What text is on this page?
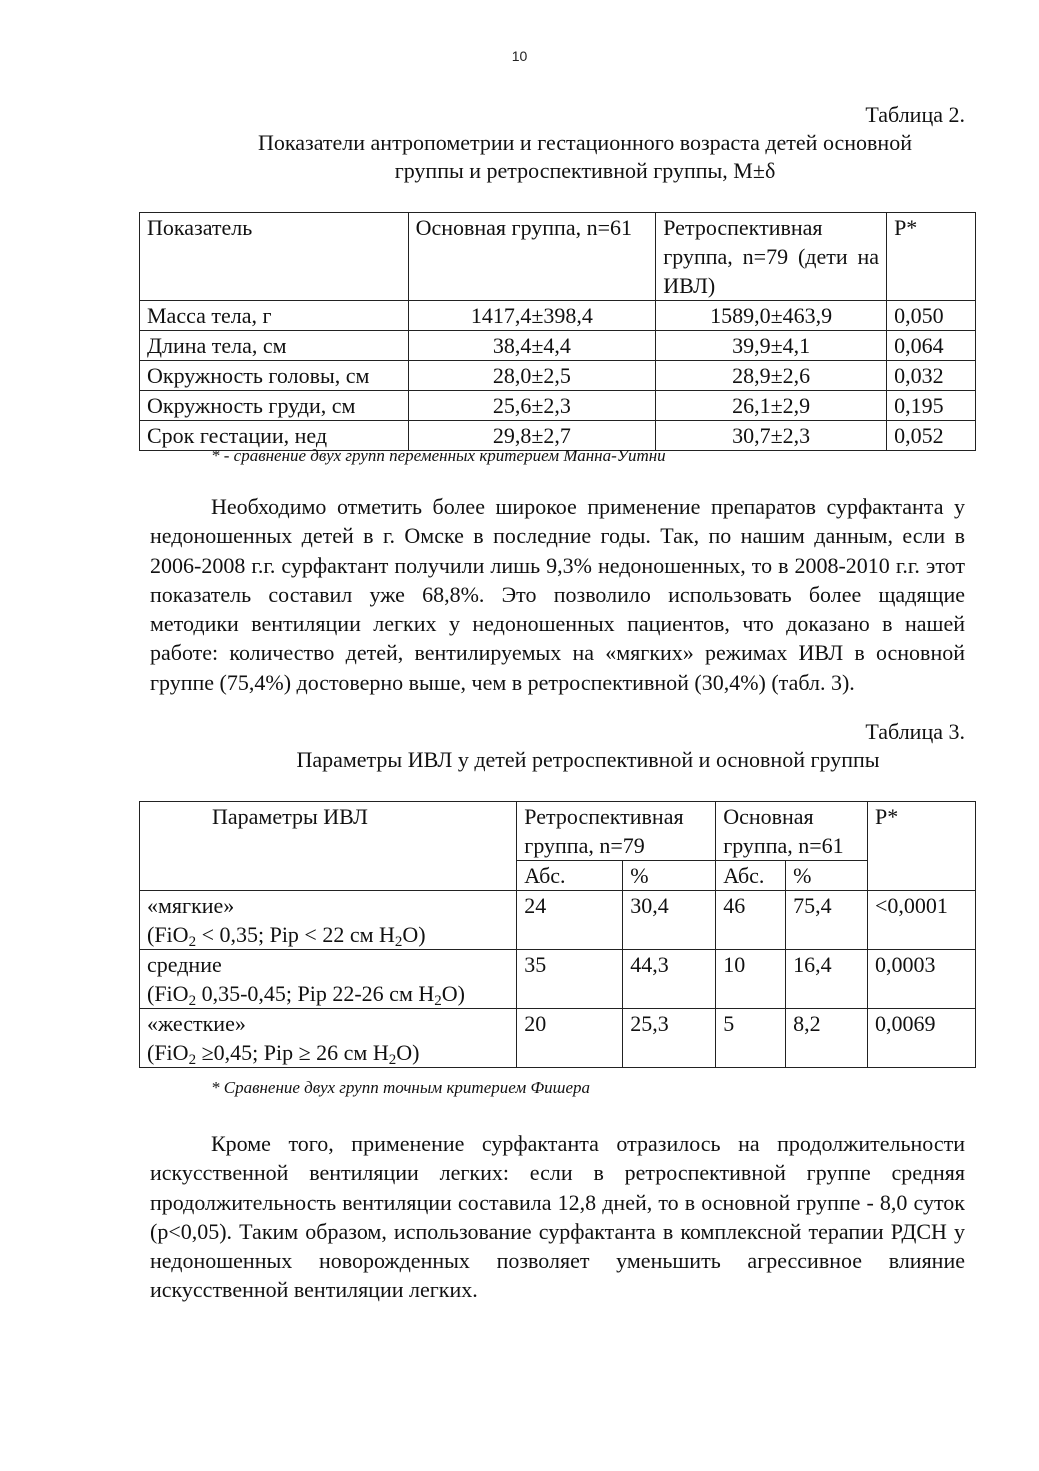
10
Таблица 2.
Показатели антропометрии и гестационного возраста детей основной
группы и ретроспективной группы, М±δ
Показатель	Основная группа, n=61	Ретроспективная группа, n=79 (дети на ИВЛ)	P*
Масса тела, г	1417,4±398,4	1589,0±463,9	0,050
Длина тела, см	38,4±4,4	39,9±4,1	0,064
Окружность головы, см	28,0±2,5	28,9±2,6	0,032
Окружность груди, см	25,6±2,3	26,1±2,9	0,195
Срок гестации, нед	29,8±2,7	30,7±2,3	0,052
* - сравнение двух групп переменных критерием Манна-Уитни

Необходимо отметить более широкое применение препаратов сурфактанта у недоношенных детей в г. Омске в последние годы. Так, по нашим данным, если в 2006-2008 г.г. сурфактант получили лишь 9,3% недоношенных, то в 2008-2010 г.г. этот показатель составил уже 68,8%. Это позволило использовать более щадящие методики вентиляции легких у недоношенных пациентов, что доказано в нашей работе: количество детей, вентилируемых на «мягких» режимах ИВЛ в основной группе (75,4%) достоверно выше, чем в ретроспективной (30,4%) (табл. 3).

Таблица 3.
Параметры ИВЛ у детей ретроспективной и основной группы
Параметры ИВЛ	Ретроспективная группа, n=79		Основная группа, n=61		P*
	Абс.	%	Абс.	%	
«мягкие»
(FiO$_2$ < 0,35; Pip < 22 см $H_2O$)	24	30,4	46	75,4	<0,0001
средние
(FiO$_2$ 0,35-0,45; Pip 22-26 см $H_2O$)	35	44,3	10	16,4	0,0003
«жесткие»
(FiO$_2$ ≥0,45; Pip ≥ 26 см $H_2O$)	20	25,3	5	8,2	0,0069
* Сравнение двух групп точным критерием Фишера

Кроме того, применение сурфактанта отразилось на продолжительности искусственной вентиляции легких: если в ретроспективной группе средняя продолжительность вентиляции составила 12,8 дней, то в основной группе - 8,0 суток (p<0,05). Таким образом, использование сурфактанта в комплексной терапии РДСН у недоношенных новорожденных позволяет уменьшить агрессивное влияние искусственной вентиляции легких.
